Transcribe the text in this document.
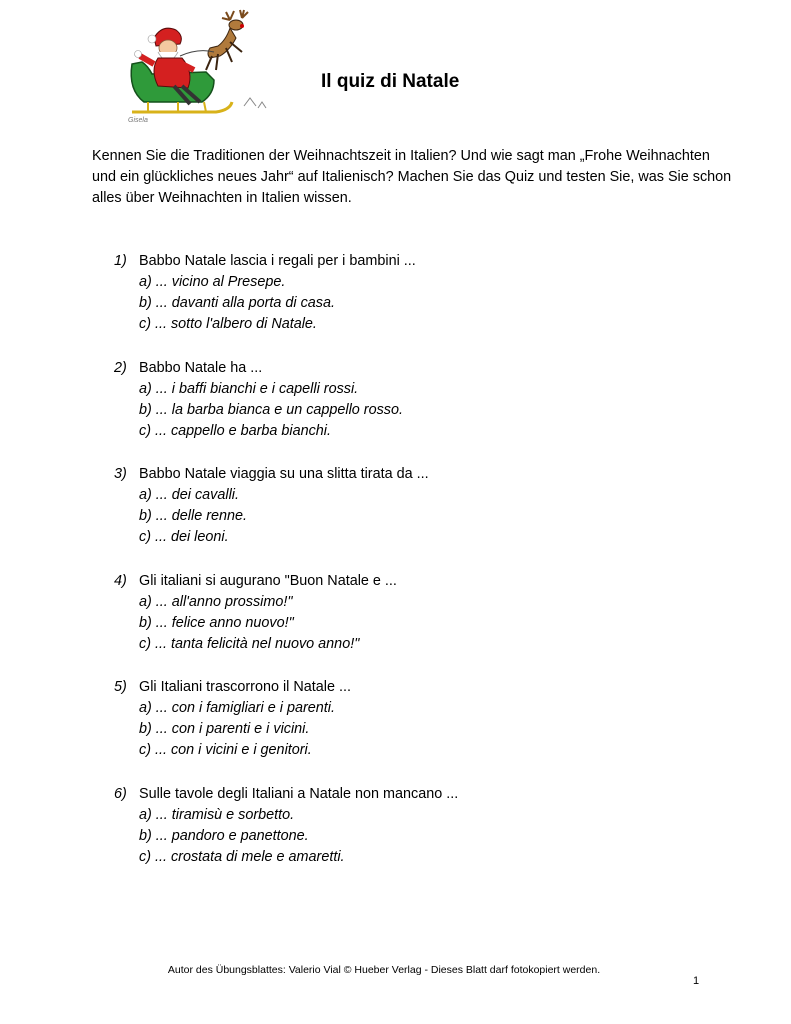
Gisela
Il quiz di Natale

Kennen Sie die Traditionen der Weihnachtszeit in Italien? Und wie sagt man „Frohe Weihnachten und ein glückliches neues Jahr“ auf Italienisch? Machen Sie das Quiz und testen Sie, was Sie schon alles über Weihnachten in Italien wissen.

1) Babbo Natale lascia i regali per i bambini ...
a) ... vicino al Presepe.
b) ... davanti alla porta di casa.
c) ... sotto l'albero di Natale.
2) Babbo Natale ha ...
a) ... i baffi bianchi e i capelli rossi.
b) ... la barba bianca e un cappello rosso.
c) ... cappello e barba bianchi.
3) Babbo Natale viaggia su una slitta tirata da ...
a) ... dei cavalli.
b) ... delle renne.
c) ... dei leoni.
4) Gli italiani si augurano "Buon Natale e ...
a) ... all'anno prossimo!"
b) ... felice anno nuovo!"
c) ... tanta felicità nel nuovo anno!"
5) Gli Italiani trascorrono il Natale ...
a) ... con i famigliari e i parenti.
b) ... con i parenti e i vicini.
c) ... con i vicini e i genitori.
6) Sulle tavole degli Italiani a Natale non mancano ...
a) ... tiramisù e sorbetto.
b) ... pandoro e panettone.
c) ... crostata di mele e amaretti.
Autor des Übungsblattes: Valerio Vial © Hueber Verlag - Dieses Blatt darf fotokopiert werden.
1
